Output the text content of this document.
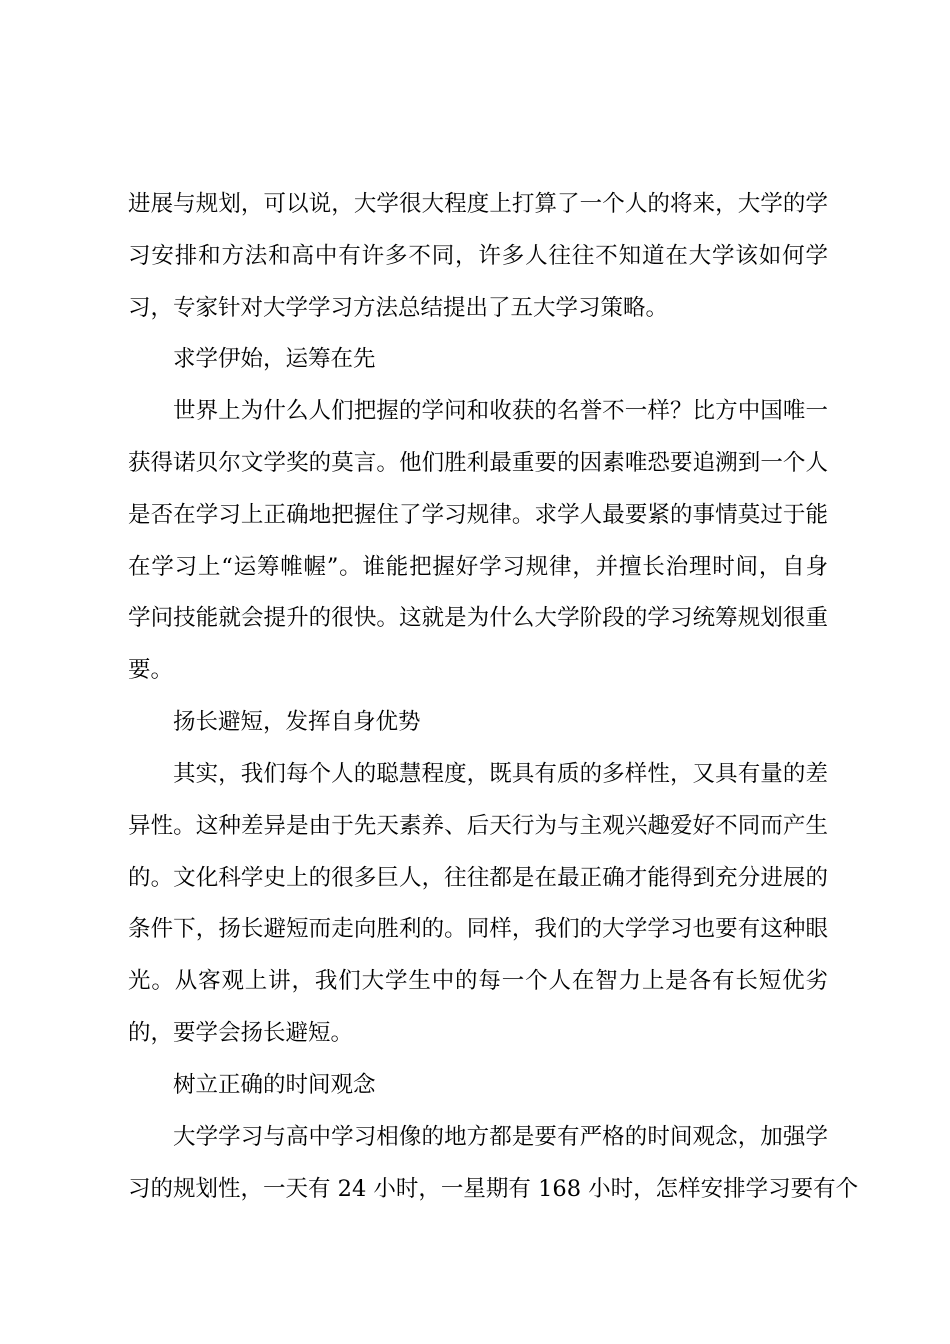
进展与规划，可以说，大学很大程度上打算了一个人的将来，大学的学
习安排和方法和高中有许多不同，许多人往往不知道在大学该如何学
习，专家针对大学学习方法总结提出了五大学习策略。
求学伊始，运筹在先
世界上为什么人们把握的学问和收获的名誉不一样？比方中国唯一
获得诺贝尔文学奖的莫言。他们胜利最重要的因素唯恐要追溯到一个人
是否在学习上正确地把握住了学习规律。求学人最要紧的事情莫过于能
在学习上“运筹帷幄”。谁能把握好学习规律，并擅长治理时间，自身
学问技能就会提升的很快。这就是为什么大学阶段的学习统筹规划很重
要。
扬长避短，发挥自身优势
其实，我们每个人的聪慧程度，既具有质的多样性，又具有量的差
异性。这种差异是由于先天素养、后天行为与主观兴趣爱好不同而产生
的。文化科学史上的很多巨人，往往都是在最正确才能得到充分进展的
条件下，扬长避短而走向胜利的。同样，我们的大学学习也要有这种眼
光。从客观上讲，我们大学生中的每一个人在智力上是各有长短优劣
的，要学会扬长避短。
树立正确的时间观念
大学学习与高中学习相像的地方都是要有严格的时间观念，加强学
习的规划性，一天有 24 小时，一星期有 168 小时，怎样安排学习要有个
